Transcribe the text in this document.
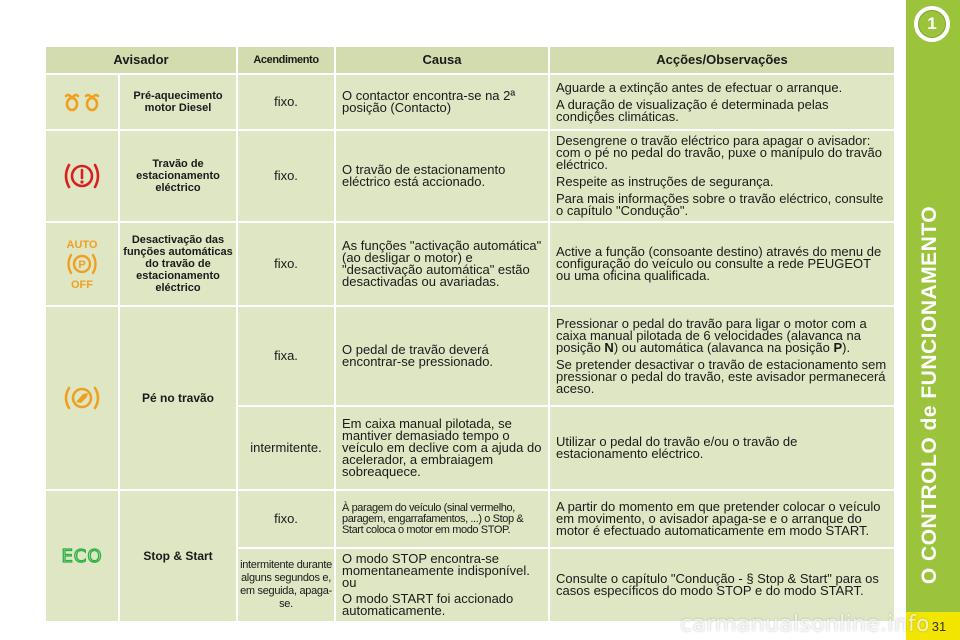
1
O CONTROLO de FUNCIONAMENTO
31
Avisador		Acendimento	Causa	Acções/Observações
	Pré-aquecimento motor Diesel	fixo.	O contactor encontra-se na 2ª posição (Contacto)	Aguarde a extinção antes de efectuar o arranque.

A duração de visualização é determinada pelas condições climáticas.

	Travão de estacionamento eléctrico	fixo.	O travão de estacionamento eléctrico está accionado.	Desengrene o travão eléctrico para apagar o avisador: com o pé no pedal do travão, puxe o manípulo do travão eléctrico.

Respeite as instruções de segurança.

Para mais informações sobre o travão eléctrico, consulte o capítulo "Condução".

AUTO
P
OFF	Desactivação das funções automáticas do travão de estacionamento eléctrico	fixo.	As funções "activação automática" (ao desligar o motor) e "desactivação automática" estão desactivadas ou avariadas.	Active a função (consoante destino) através do menu de configuração do veículo ou consulte a rede PEUGEOT ou uma oficina qualificada.

	Pé no travão	fixa.	O pedal de travão deverá encontrar-se pressionado.	Pressionar o pedal do travão para ligar o motor com a caixa manual pilotada de 6 velocidades (alavanca na posição N) ou automática (alavanca na posição P).

Se pretender desactivar o travão de estacionamento sem pressionar o pedal do travão, este avisador permanecerá aceso.

		intermitente.	Em caixa manual pilotada, se mantiver demasiado tempo o veículo em declive com a ajuda do acelerador, a embraiagem sobreaquece.	Utilizar o pedal do travão e/ou o travão de estacionamento eléctrico.

ECO	Stop & Start	fixo.	À paragem do veículo (sinal vermelho, paragem, engarrafamentos, ...) o Stop & Start coloca o motor em modo STOP.	A partir do momento em que pretender colocar o veículo em movimento, o avisador apaga-se e o arranque do motor é efectuado automaticamente em modo START.

		intermitente durante alguns segundos e, em seguida, apaga-se.	O modo STOP encontra-se momentaneamente indisponível. ou

O modo START foi accionado automaticamente.	Consulte o capítulo "Condução - § Stop & Start" para os casos específicos do modo STOP e do modo START.

carmanualsonline.info
